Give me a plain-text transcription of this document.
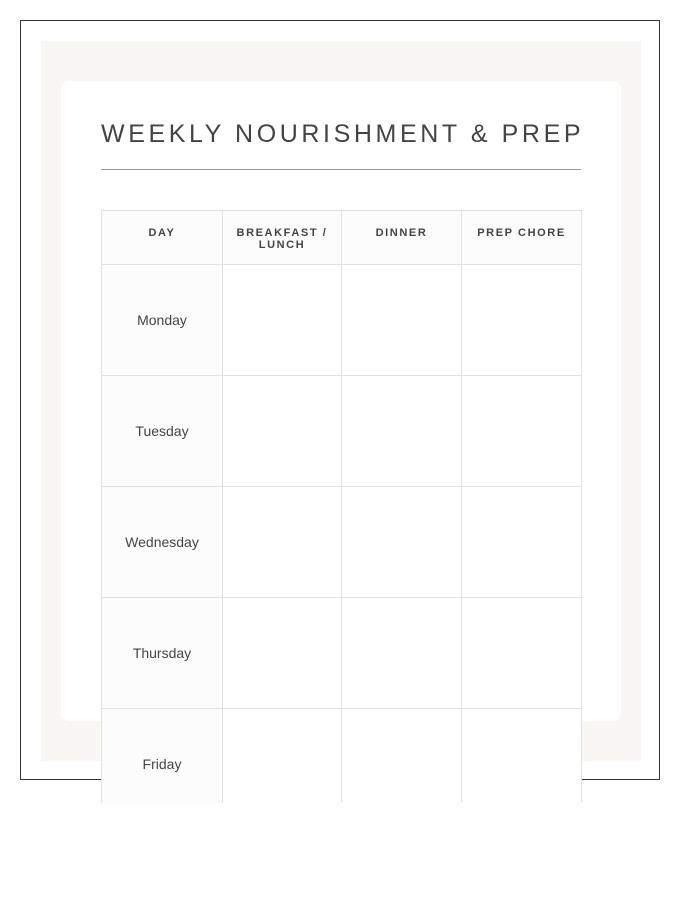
WEEKLY NOURISHMENT & PREP
DAY	BREAKFAST / LUNCH	DINNER	PREP CHORE
Monday			
Tuesday			
Wednesday			
Thursday			
Friday			
